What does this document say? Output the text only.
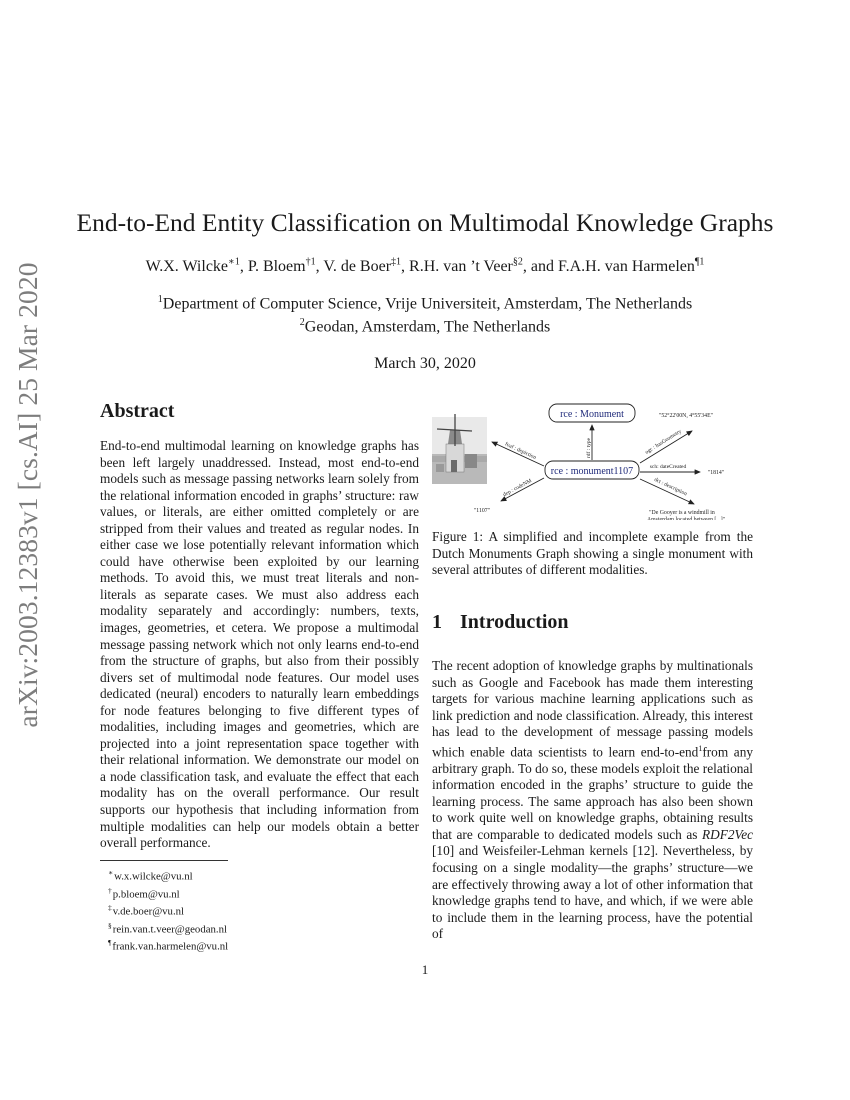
arXiv:2003.12383v1 [cs.AI] 25 Mar 2020
End-to-End Entity Classification on Multimodal Knowledge Graphs
W.X. Wilcke$^{∗1}$, P. Bloem$^{\dagger 1}$, V. de Boer$^{\ddagger 1}$, R.H. van ’t Veer$^{\S 2}$, and F.A.H. van Harmelen$^{\P 1}$
$^1$Department of Computer Science, Vrije Universiteit, Amsterdam, The Netherlands
$^2$Geodan, Amsterdam, The Netherlands
March 30, 2020
Abstract
End-to-end multimodal learning on knowledge graphs has been left largely unaddressed. Instead, most end-to-end models such as message passing networks learn solely from the relational information encoded in graphs’ structure: raw values, or literals, are either omitted completely or are stripped from their values and treated as regular nodes. In either case we lose potentially relevant information which could have otherwise been exploited by our learning methods. To avoid this, we must treat literals and non-literals as separate cases. We must also address each modality separately and accordingly: numbers, texts, images, geometries, et cetera. We propose a multimodal message passing network which not only learns end-to-end from the structure of graphs, but also from their possibly divers set of multimodal node features. Our model uses dedicated (neural) encoders to naturally learn embeddings for node features belonging to five different types of modalities, including images and geometries, which are projected into a joint representation space together with their relational information. We demonstrate our model on a node classification task, and evaluate the effect that each modality has on the overall performance. Our result supports our hypothesis that including information from multiple modalities can help our models obtain a better overall performance.
∗w.x.wilcke@vu.nl
†p.bloem@vu.nl
‡v.de.boer@vu.nl
§rein.van.t.veer@geodan.nl
¶frank.van.harmelen@vu.nl
rce : Monument
rce : monument1107
rdf : type
foaf : depiction
dep : codeNM
ogc : hasGeometry
sch: dateCreated
dct : description
"52°22'00N, 4°55'34E"
"1814"
"De Gooyer is a windmill in
Amsterdam located between [...]"
"1107"
Figure 1: A simplified and incomplete example from the Dutch Monuments Graph showing a single monument with several attributes of different modalities.
1 Introduction
The recent adoption of knowledge graphs by multinationals such as Google and Facebook has made them interesting targets for various machine learning applications such as link prediction and node classification. Already, this interest has lead to the development of message passing models which enable data scientists to learn end-to-end$^1$from any arbitrary graph. To do so, these models exploit the relational information encoded in the graphs’ structure to guide the learning process. The same approach has also been shown to work quite well on knowledge graphs, obtaining results that are comparable to dedicated models such as RDF2Vec [10] and Weisfeiler-Lehman kernels [12]. Nevertheless, by focusing on a single modality—the graphs’ structure—we are effectively throwing away a lot of other information that knowledge graphs tend to have, and which, if we were able to include them in the learning process, have the potential of
1
